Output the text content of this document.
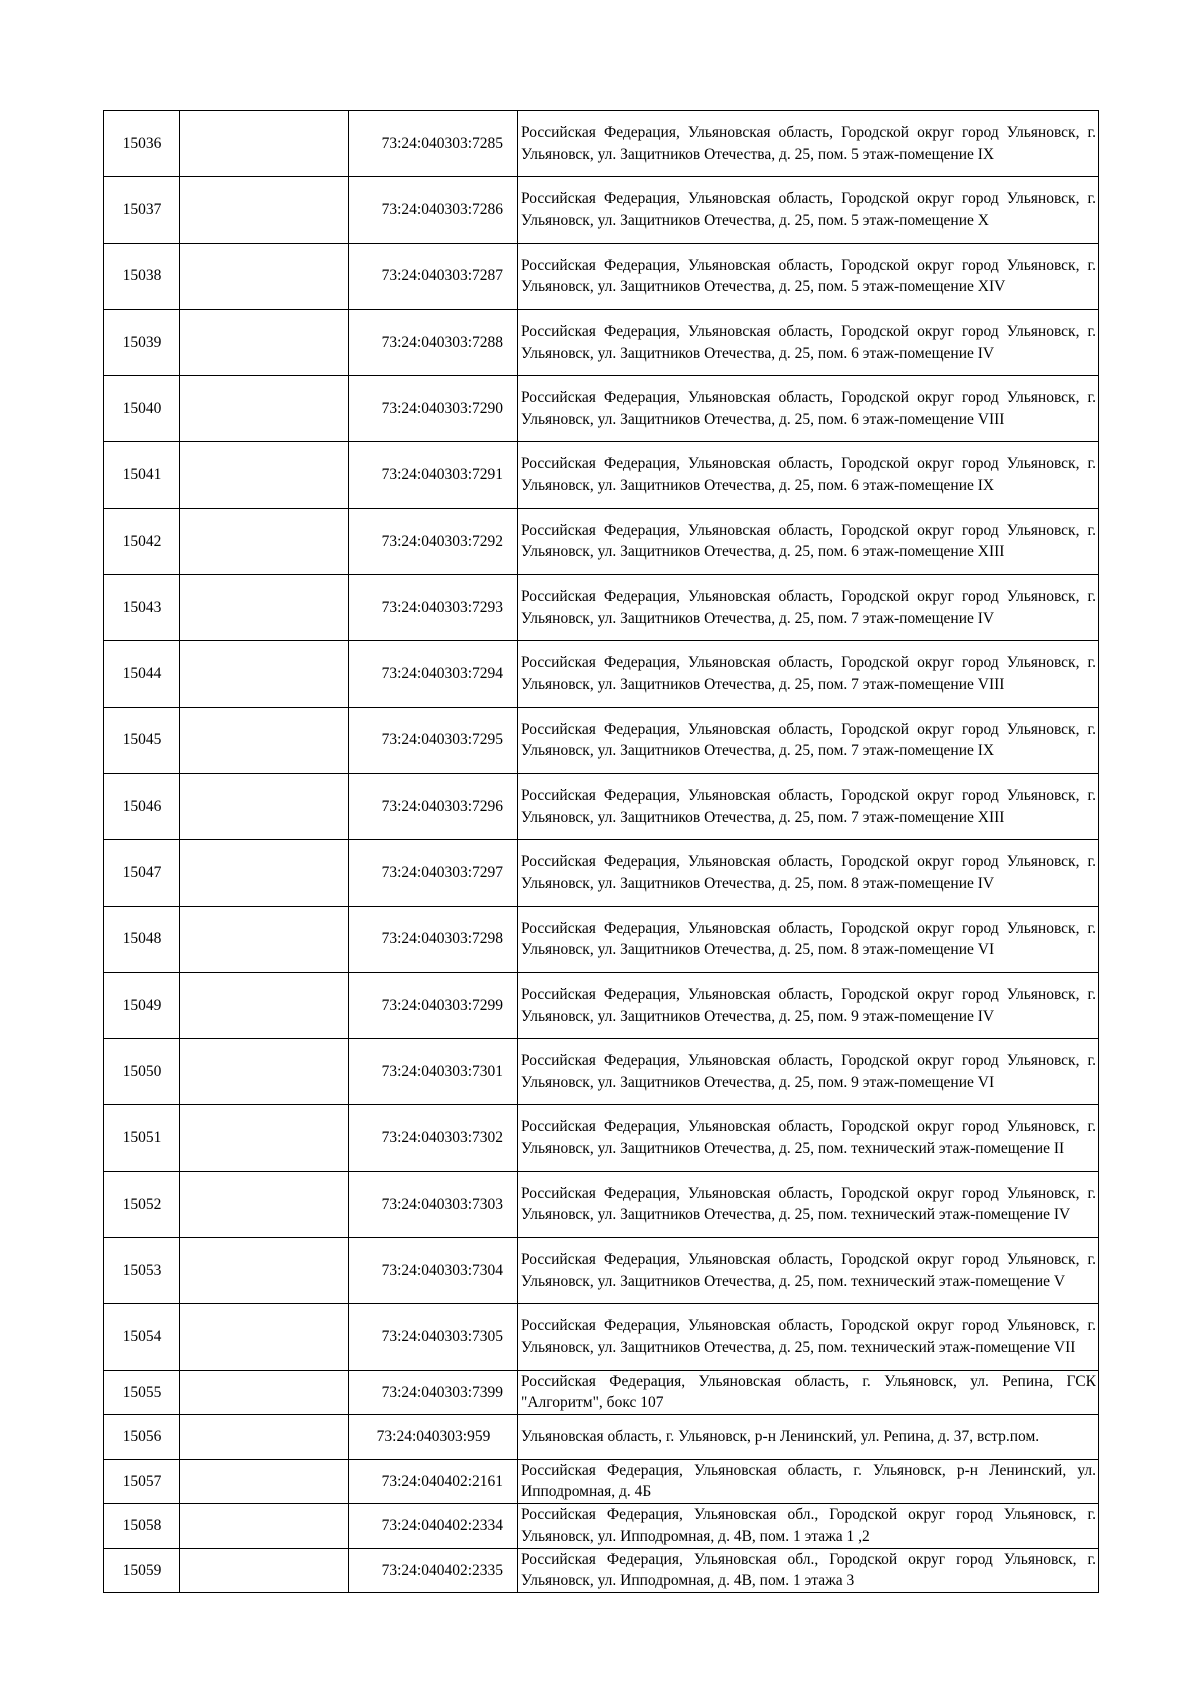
15036		73:24:040303:7285	Российская Федерация, Ульяновская область, Городской округ город Ульяновск, г. Ульяновск, ул. Защитников Отечества, д. 25, пом. 5 этаж-помещение IX
15037		73:24:040303:7286	Российская Федерация, Ульяновская область, Городской округ город Ульяновск, г. Ульяновск, ул. Защитников Отечества, д. 25, пом. 5 этаж-помещение X
15038		73:24:040303:7287	Российская Федерация, Ульяновская область, Городской округ город Ульяновск, г. Ульяновск, ул. Защитников Отечества, д. 25, пом. 5 этаж-помещение XIV
15039		73:24:040303:7288	Российская Федерация, Ульяновская область, Городской округ город Ульяновск, г. Ульяновск, ул. Защитников Отечества, д. 25, пом. 6 этаж-помещение IV
15040		73:24:040303:7290	Российская Федерация, Ульяновская область, Городской округ город Ульяновск, г. Ульяновск, ул. Защитников Отечества, д. 25, пом. 6 этаж-помещение VIII
15041		73:24:040303:7291	Российская Федерация, Ульяновская область, Городской округ город Ульяновск, г. Ульяновск, ул. Защитников Отечества, д. 25, пом. 6 этаж-помещение IX
15042		73:24:040303:7292	Российская Федерация, Ульяновская область, Городской округ город Ульяновск, г. Ульяновск, ул. Защитников Отечества, д. 25, пом. 6 этаж-помещение XIII
15043		73:24:040303:7293	Российская Федерация, Ульяновская область, Городской округ город Ульяновск, г. Ульяновск, ул. Защитников Отечества, д. 25, пом. 7 этаж-помещение IV
15044		73:24:040303:7294	Российская Федерация, Ульяновская область, Городской округ город Ульяновск, г. Ульяновск, ул. Защитников Отечества, д. 25, пом. 7 этаж-помещение VIII
15045		73:24:040303:7295	Российская Федерация, Ульяновская область, Городской округ город Ульяновск, г. Ульяновск, ул. Защитников Отечества, д. 25, пом. 7 этаж-помещение IX
15046		73:24:040303:7296	Российская Федерация, Ульяновская область, Городской округ город Ульяновск, г. Ульяновск, ул. Защитников Отечества, д. 25, пом. 7 этаж-помещение XIII
15047		73:24:040303:7297	Российская Федерация, Ульяновская область, Городской округ город Ульяновск, г. Ульяновск, ул. Защитников Отечества, д. 25, пом. 8 этаж-помещение IV
15048		73:24:040303:7298	Российская Федерация, Ульяновская область, Городской округ город Ульяновск, г. Ульяновск, ул. Защитников Отечества, д. 25, пом. 8 этаж-помещение VI
15049		73:24:040303:7299	Российская Федерация, Ульяновская область, Городской округ город Ульяновск, г. Ульяновск, ул. Защитников Отечества, д. 25, пом. 9 этаж-помещение IV
15050		73:24:040303:7301	Российская Федерация, Ульяновская область, Городской округ город Ульяновск, г. Ульяновск, ул. Защитников Отечества, д. 25, пом. 9 этаж-помещение VI
15051		73:24:040303:7302	Российская Федерация, Ульяновская область, Городской округ город Ульяновск, г. Ульяновск, ул. Защитников Отечества, д. 25, пом. технический этаж-помещение II
15052		73:24:040303:7303	Российская Федерация, Ульяновская область, Городской округ город Ульяновск, г. Ульяновск, ул. Защитников Отечества, д. 25, пом. технический этаж-помещение IV
15053		73:24:040303:7304	Российская Федерация, Ульяновская область, Городской округ город Ульяновск, г. Ульяновск, ул. Защитников Отечества, д. 25, пом. технический этаж-помещение V
15054		73:24:040303:7305	Российская Федерация, Ульяновская область, Городской округ город Ульяновск, г. Ульяновск, ул. Защитников Отечества, д. 25, пом. технический этаж-помещение VII
15055		73:24:040303:7399	Российская Федерация, Ульяновская область, г. Ульяновск, ул. Репина, ГСК "Алгоритм", бокс 107
15056		73:24:040303:959	Ульяновская область, г. Ульяновск, р-н Ленинский, ул. Репина, д. 37, встр.пом.
15057		73:24:040402:2161	Российская Федерация, Ульяновская область, г. Ульяновск, р-н Ленинский, ул. Ипподромная, д. 4Б
15058		73:24:040402:2334	Российская Федерация, Ульяновская обл., Городской округ город Ульяновск, г. Ульяновск, ул. Ипподромная, д. 4В, пом. 1 этажа 1 ,2
15059		73:24:040402:2335	Российская Федерация, Ульяновская обл., Городской округ город Ульяновск, г. Ульяновск, ул. Ипподромная, д. 4В, пом. 1 этажа 3
